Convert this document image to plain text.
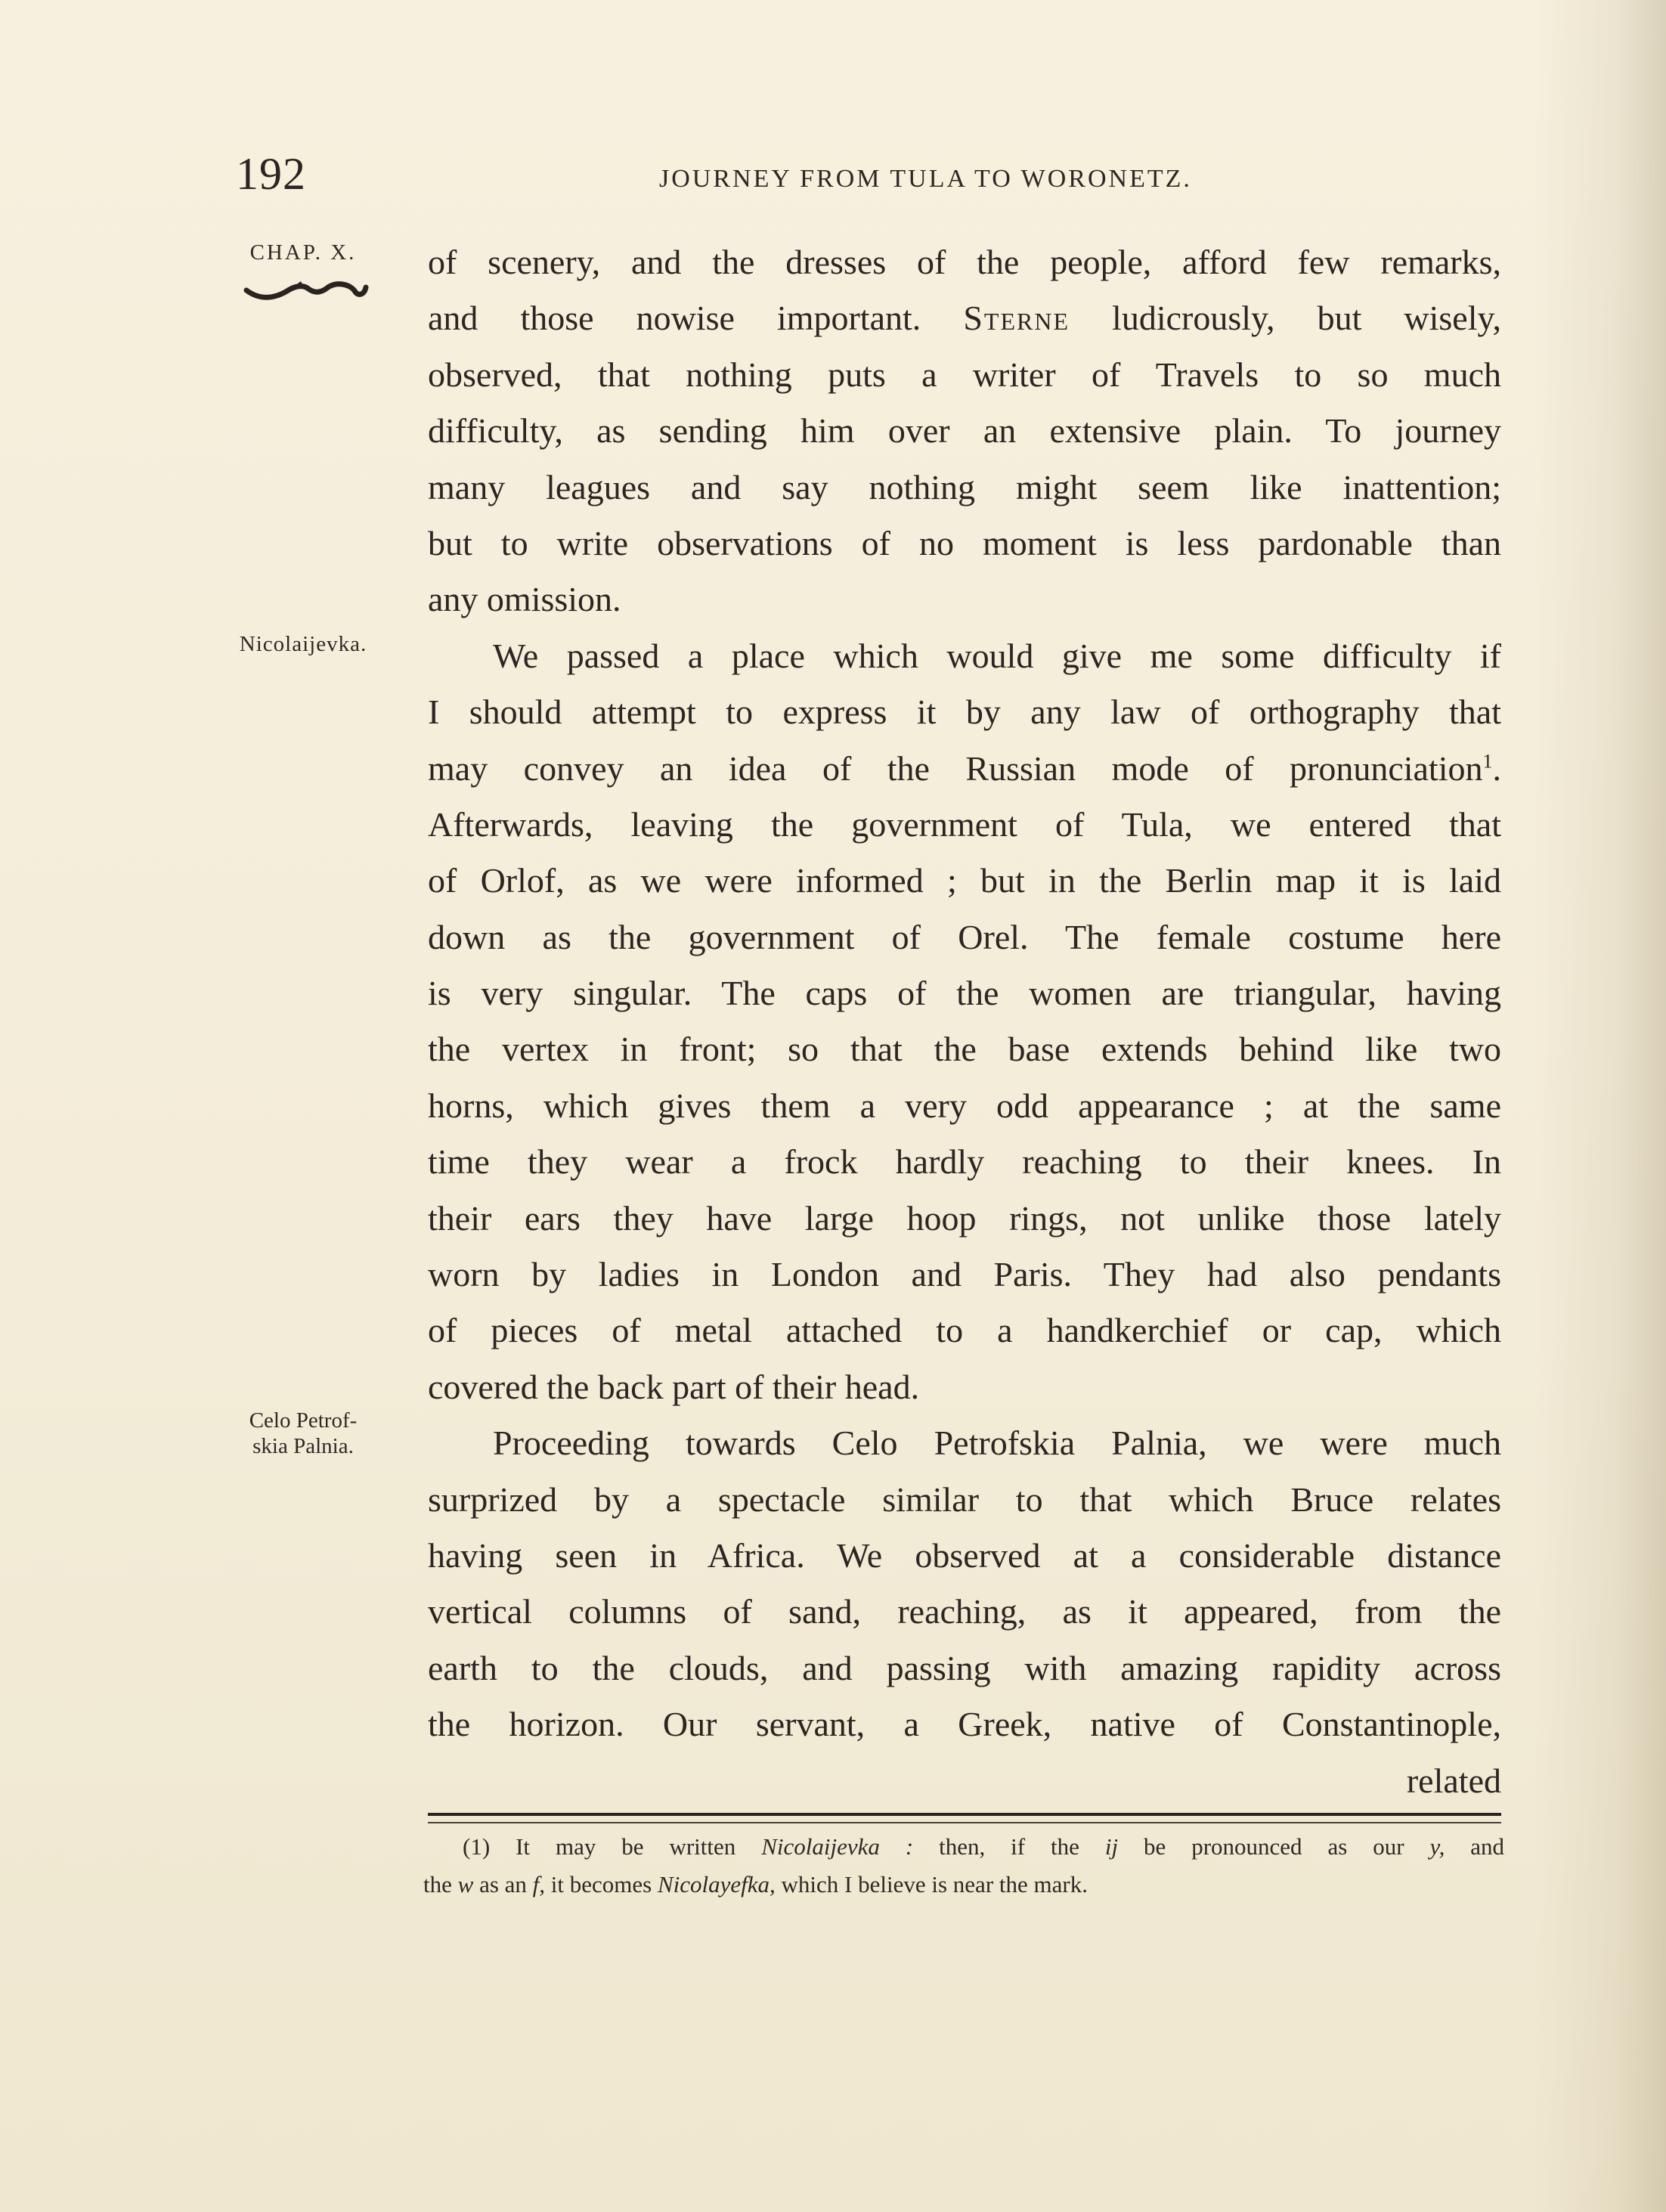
192	JOURNEY FROM TULA TO WORONETZ.
CHAP. X.
Nicolaijevka.
Celo Petrof-
skia Palnia.
of scenery, and the dresses of the people, afford few remarks,
and those nowise important. Sterne ludicrously, but wisely,
observed, that nothing puts a writer of Travels to so much
difficulty, as sending him over an extensive plain. To journey
many leagues and say nothing might seem like inattention;
but to write observations of no moment is less pardonable than
any omission.
We passed a place which would give me some difficulty if
I should attempt to express it by any law of orthography that
may convey an idea of the Russian mode of pronunciation$^1$.
Afterwards, leaving the government of Tula, we entered that
of Orlof, as we were informed ; but in the Berlin map it is laid
down as the government of Orel. The female costume here
is very singular. The caps of the women are triangular, having
the vertex in front; so that the base extends behind like two
horns, which gives them a very odd appearance ; at the same
time they wear a frock hardly reaching to their knees. In
their ears they have large hoop rings, not unlike those lately
worn by ladies in London and Paris. They had also pendants
of pieces of metal attached to a handkerchief or cap, which
covered the back part of their head.
Proceeding towards Celo Petrofskia Palnia, we were much
surprized by a spectacle similar to that which Bruce relates
having seen in Africa. We observed at a considerable distance
vertical columns of sand, reaching, as it appeared, from the
earth to the clouds, and passing with amazing rapidity across
the horizon. Our servant, a Greek, native of Constantinople,
related
(1) It may be written Nicolaijevka : then, if the ij be pronounced as our y, and
the w as an f, it becomes Nicolayefka, which I believe is near the mark.
